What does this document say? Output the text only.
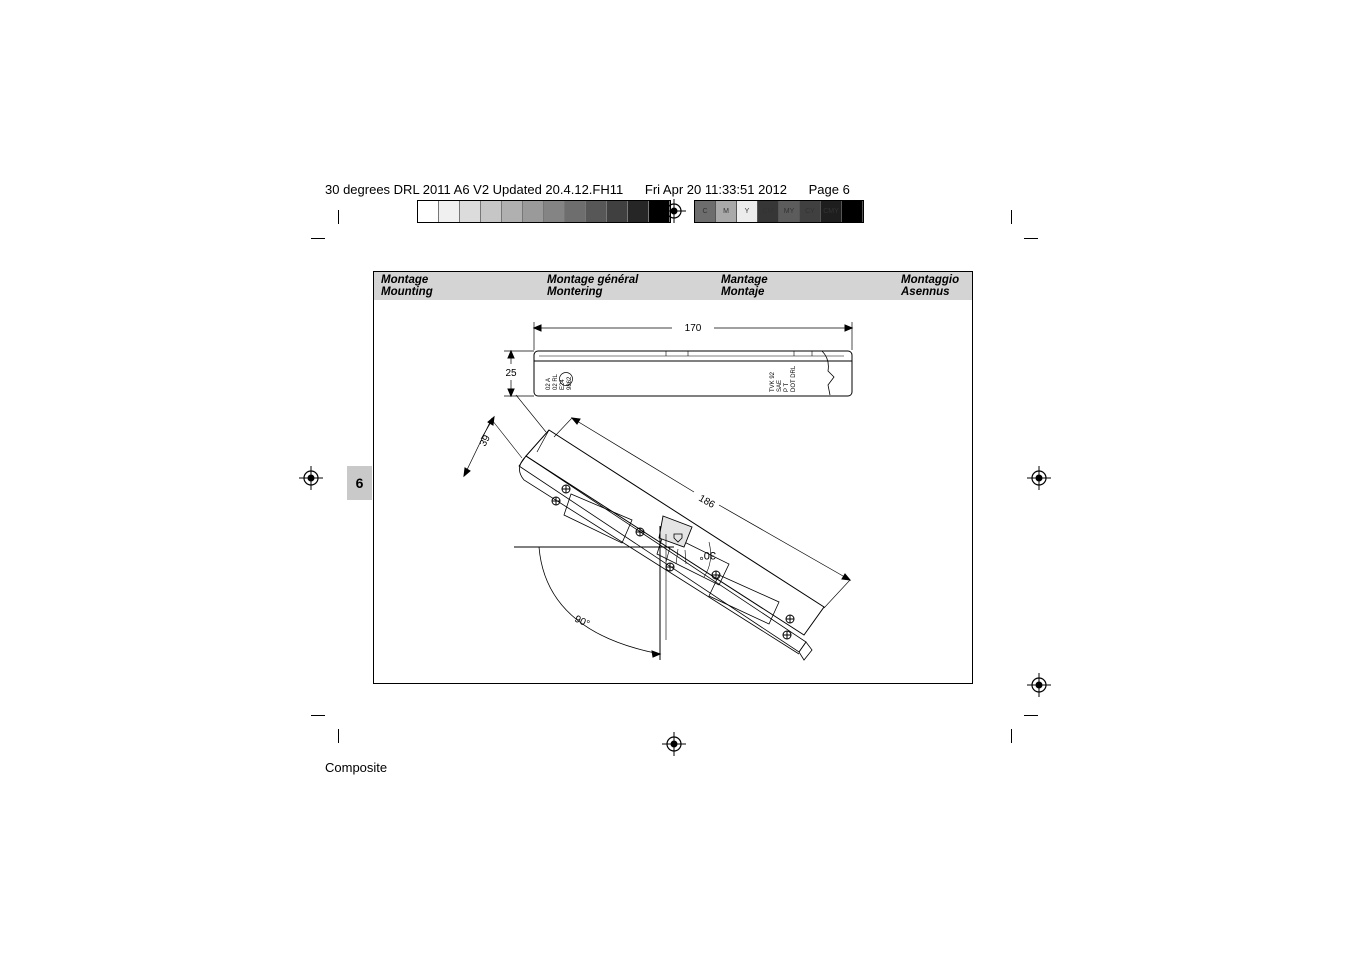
30 degrees DRL 2011 A6 V2 Updated 20.4.12.FH11 Fri Apr 20 11:33:51 2012 Page 6
C	M	Y	CM	MY	CY	CMY
6
Montage
Mounting
Montage général
Montering
Mantage
Montaje
Montaggio
Asennus
170
25
39
186
30°
90°
02 A 02 RL E24 9862	TVK 92 SAE P T DOT DRL
Composite
